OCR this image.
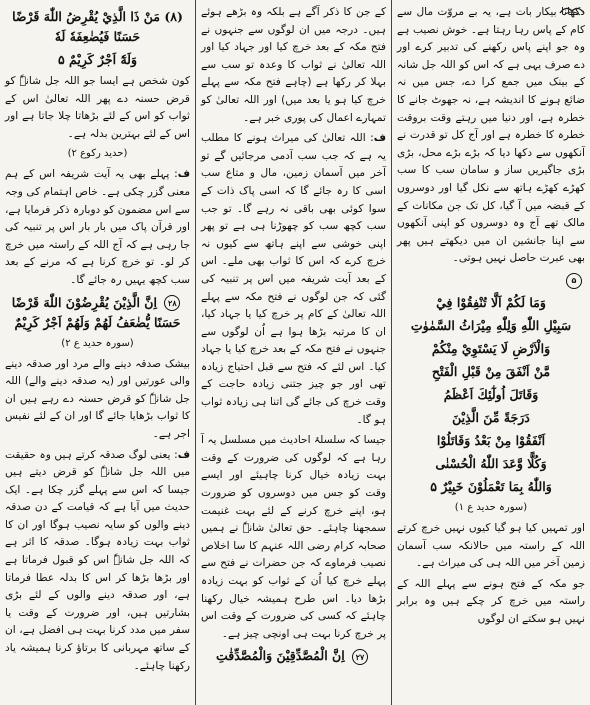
دکھانا بیکار بات ہے، یہ بے مروّت مال سے کام کے پاس رہا رہتا ہے۔ خوش نصیب ہے وہ جو اپنے پاس رکھنے کی تدبیر کرے اور دے صرف یہی ہے کہ اس کو اللہ جل شانہ کے بینک میں جمع کرا دے، جس میں نہ ضائع ہونے کا اندیشہ ہے، نہ جھوٹ جانے کا خطرہ ہے، اور دنیا میں رہتے وقت بروقت خطرہ کا خطرہ ہے اور آج کل تو قدرت نے آنکھوں سے دکھا دیا کہ بڑے بڑے محل، بڑی بڑی جاگیریں ساز و سامان سب کا سب کھڑے کھڑے ہاتھ سے نکل گیا اور دوسروں کے قبضہ میں آ گیا، کل تک جن مکانات کے مالک تھے آج وہ دوسروں کو اپنی آنکھوں سے اپنا جانشین ان میں دیکھتے ہیں پھر بھی عبرت حاصل نہیں ہوتی۔

۵
وَمَا لَكُمْ اَلَّا تُنْفِقُوْا فِيْ
سَبِيْلِ اللّٰهِ وَلِلّٰهِ مِيْرَاثُ السَّمٰوٰتِ
وَالْاَرْضِ لَا يَسْتَوِيْ مِنْكُمْ
مَّنْ اَنْفَقَ مِنْ قَبْلِ الْفَتْحِ
وَقَاتَلَ اُولٰٓئِكَ اَعْظَمُ
دَرَجَةً مِّنَ الَّذِيْنَ
اَنْفَقُوْا مِنْ بَعْدُ وَقَاتَلُوْا
وَكُلًّا وَّعَدَ اللّٰهُ الْحُسْنٰى
وَاللّٰهُ بِمَا تَعْمَلُوْنَ خَبِيْرٌ ۵
(سورہ حدید ع ۱)

اور تمہیں کیا ہو گیا کیوں نہیں خرچ کرتے اللہ کے راستہ میں حالانکہ سب آسمان زمین آخر میں اللہ ہی کی میراث ہے۔

جو مکہ کے فتح ہونے سے پہلے اللہ کے راستہ میں خرچ کر چکے ہیں وہ برابر نہیں ہو سکتے ان لوگوں

کے جن کا ذکر آگے ہے بلکہ وہ بڑھے ہوئے ہیں۔ درجہ میں ان لوگوں سے جنہوں نے فتح مکہ کے بعد خرچ کیا اور جہاد کیا اور اللہ تعالیٰ نے ثواب کا وعدہ تو سب سے بہلا کر رکھا ہے (چاہے فتح مکہ سے پہلے خرچ کیا ہو یا بعد میں) اور اللہ تعالیٰ کو تمہارے اعمال کی پوری خبر ہے۔

ف: اللہ تعالیٰ کی میراث ہونے کا مطلب یہ ہے کہ جب سب آدمی مرجائیں گے تو آخر میں آسمان زمین، مال و متاع سب اسی کا رہ جائے گا کہ اسی پاک ذات کے سوا کوئی بھی باقی نہ رہے گا۔ تو جب سب کچھ سب کو چھوڑنا ہی ہے تو پھر اپنی خوشی سے اپنے ہاتھ سے کیوں نہ خرچ کرے کہ اس کا ثواب بھی ملے۔ اس کے بعد آیت شریفہ میں اس پر تنبیہ کی گئی کہ جن لوگوں نے فتح مکہ سے پہلے اللہ تعالیٰ کے کام پر خرچ کیا یا جہاد کیا، ان کا مرتبہ بڑھا ہوا ہے اُن لوگوں سے جنہوں نے فتح مکہ کے بعد خرچ کیا یا جہاد کیا۔ اس لئے کہ فتح سے قبل احتیاج زیادہ تھی اور جو چیز جتنی زیادہ حاجت کے وقت خرچ کی جائے گی اتنا ہی زیادہ ثواب ہو گا۔

جیسا کہ سلسلۂ احادیث میں مسلسل یہ آ رہا ہے کہ لوگوں کی ضرورت کے وقت بہت زیادہ خیال کرنا چاہیئے اور ایسے وقت کو جس میں دوسروں کو ضرورت ہو، اپنے خرچ کرنے کے لئے بہت غنیمت سمجھنا چاہئے۔ حق تعالیٰ شانہٗ نے ہمیں صحابہ کرام رضی اللہ عنہم کا سا اخلاص نصیب فرماوے کہ جن حضرات نے فتح سے پہلے خرچ کیا اُن کے ثواب کو بہت زیادہ بڑھا دیا۔ اس طرح ہمیشہ خیال رکھنا چاہئے کہ کسی کی ضرورت کے وقت اس پر خرچ کرنا بہت ہی اونچی چیز ہے۔

۲۷ اِنَّ الْمُصَّدِّقِيْنَ وَالْمُصَّدِّقٰتِ
(۸) مَنْ ذَا الَّذِيْ يُقْرِضُ اللّٰهَ قَرْضًا حَسَنًا فَيُضٰعِفَهٗ لَهٗ
وَلَهٗٓ اَجْرٌ كَرِيْمٌ ۵

کون شخص ہے ایسا جو اللہ جل شانہٗ کو قرض حسنہ دے پھر اللہ تعالیٰ اس کے ثواب کو اس کے لئے بڑھاتا چلا جاتا ہے اور اس کے لئے بہترین بدلہ ہے۔

(حدید رکوع ۲)

ف: پہلے بھی یہ آیت شریفہ اس کے ہم معنی گزر چکی ہے۔ خاص اہتمام کی وجہ سے اس مضمون کو دوبارہ ذکر فرمایا ہے، اور قرآن پاک میں بار بار اس پر تنبیہ کی جا رہی ہے کہ آج اللہ کے راستہ میں خرچ کر لو۔ تو خرچ کرنا ہے کہ مرنے کے بعد سب کچھ یہیں رہ جائے گا۔

۲۸ اِنَّ الَّذِيْنَ يُقْرِضُوْنَ اللّٰهَ قَرْضًا حَسَنًا يُّضٰعَفُ لَهُمْ وَلَهُمْ اَجْرٌ كَرِيْمٌ
(سورہ حدید ع ۲)

بیشک صدقہ دینے والے مرد اور صدقہ دینے والی عورتیں اور (یہ صدقہ دینے والے) اللہ جل شانہٗ کو قرض حسنہ دے رہے ہیں ان کا ثواب بڑھایا جائے گا اور ان کے لئے نفیس اجر ہے۔

ف: یعنی لوگ صدقہ کرتے ہیں وہ حقیقت میں اللہ جل شانہٗ کو قرض دیتے ہیں جیسا کہ اس سے پہلے گزر چکا ہے۔ ایک حدیث میں آیا ہے کہ قیامت کے دن صدقہ دینے والوں کو سایہ نصیب ہوگا اور ان کا ثواب بہت زیادہ ہوگا۔ صدقہ کا اثر ہے کہ اللہ جل شانہٗ اس کو قبول فرماتا ہے اور بڑھا بڑھا کر اس کا بدلہ عطا فرماتا ہے، اور صدقہ دینے والوں کے لئے بڑی بشارتیں ہیں، اور ضرورت کے وقت یا سفر میں مدد کرنا بہت ہی افضل ہے، ان کے ساتھ مہربانی کا برتاؤ کرنا ہمیشہ یاد رکھنا چاہئے۔
